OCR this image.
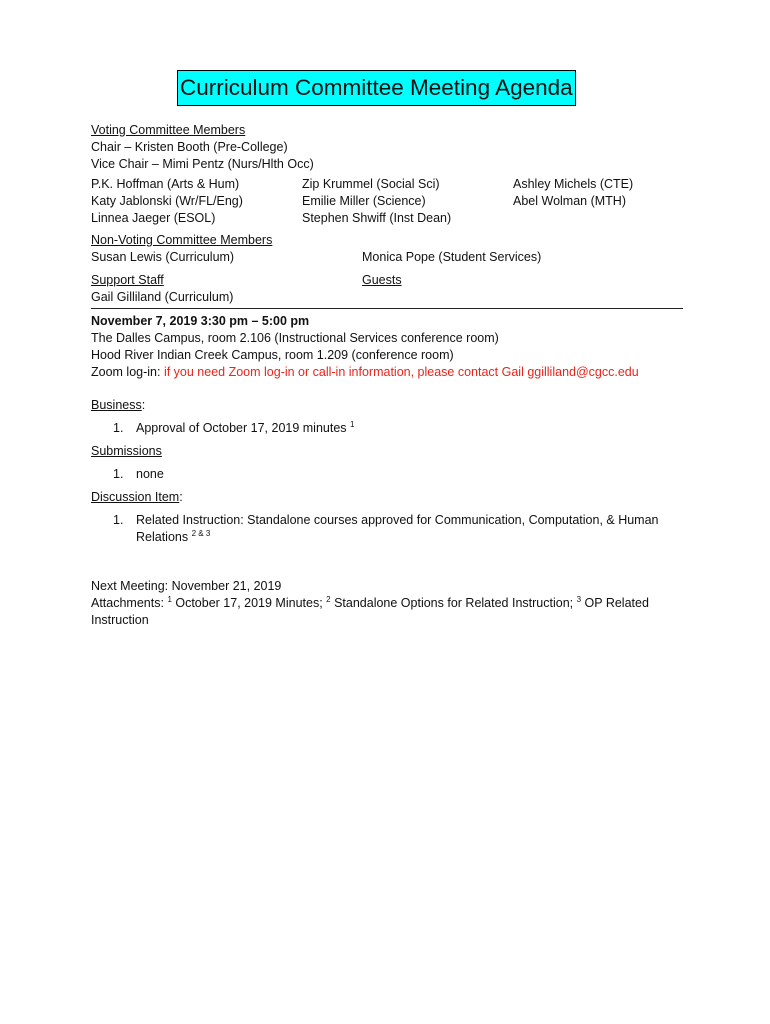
Curriculum Committee Meeting Agenda
Voting Committee Members
Chair – Kristen Booth (Pre-College)
Vice Chair – Mimi Pentz (Nurs/Hlth Occ)
P.K. Hoffman (Arts & Hum)	Zip Krummel (Social Sci)	Ashley Michels (CTE)
Katy Jablonski (Wr/FL/Eng)	Emilie Miller (Science)	Abel Wolman (MTH)
Linnea Jaeger (ESOL)	Stephen Shwiff (Inst Dean)
Non-Voting Committee Members
Susan Lewis (Curriculum)	Monica Pope (Student Services)
Support Staff	Guests
Gail Gilliland (Curriculum)
November 7, 2019 3:30 pm – 5:00 pm
The Dalles Campus, room 2.106 (Instructional Services conference room)
Hood River Indian Creek Campus, room 1.209 (conference room)
Zoom log-in: if you need Zoom log-in or call-in information, please contact Gail ggilliland@cgcc.edu
Business:
1.	Approval of October 17, 2019 minutes $^1$
Submissions
1.	none
Discussion Item:
1.	Related Instruction: Standalone courses approved for Communication, Computation, & Human Relations $^{2 \& 3}$
Next Meeting: November 21, 2019
Attachments: $^1$ October 17, 2019 Minutes; $^2$ Standalone Options for Related Instruction; $^3$ OP Related Instruction
